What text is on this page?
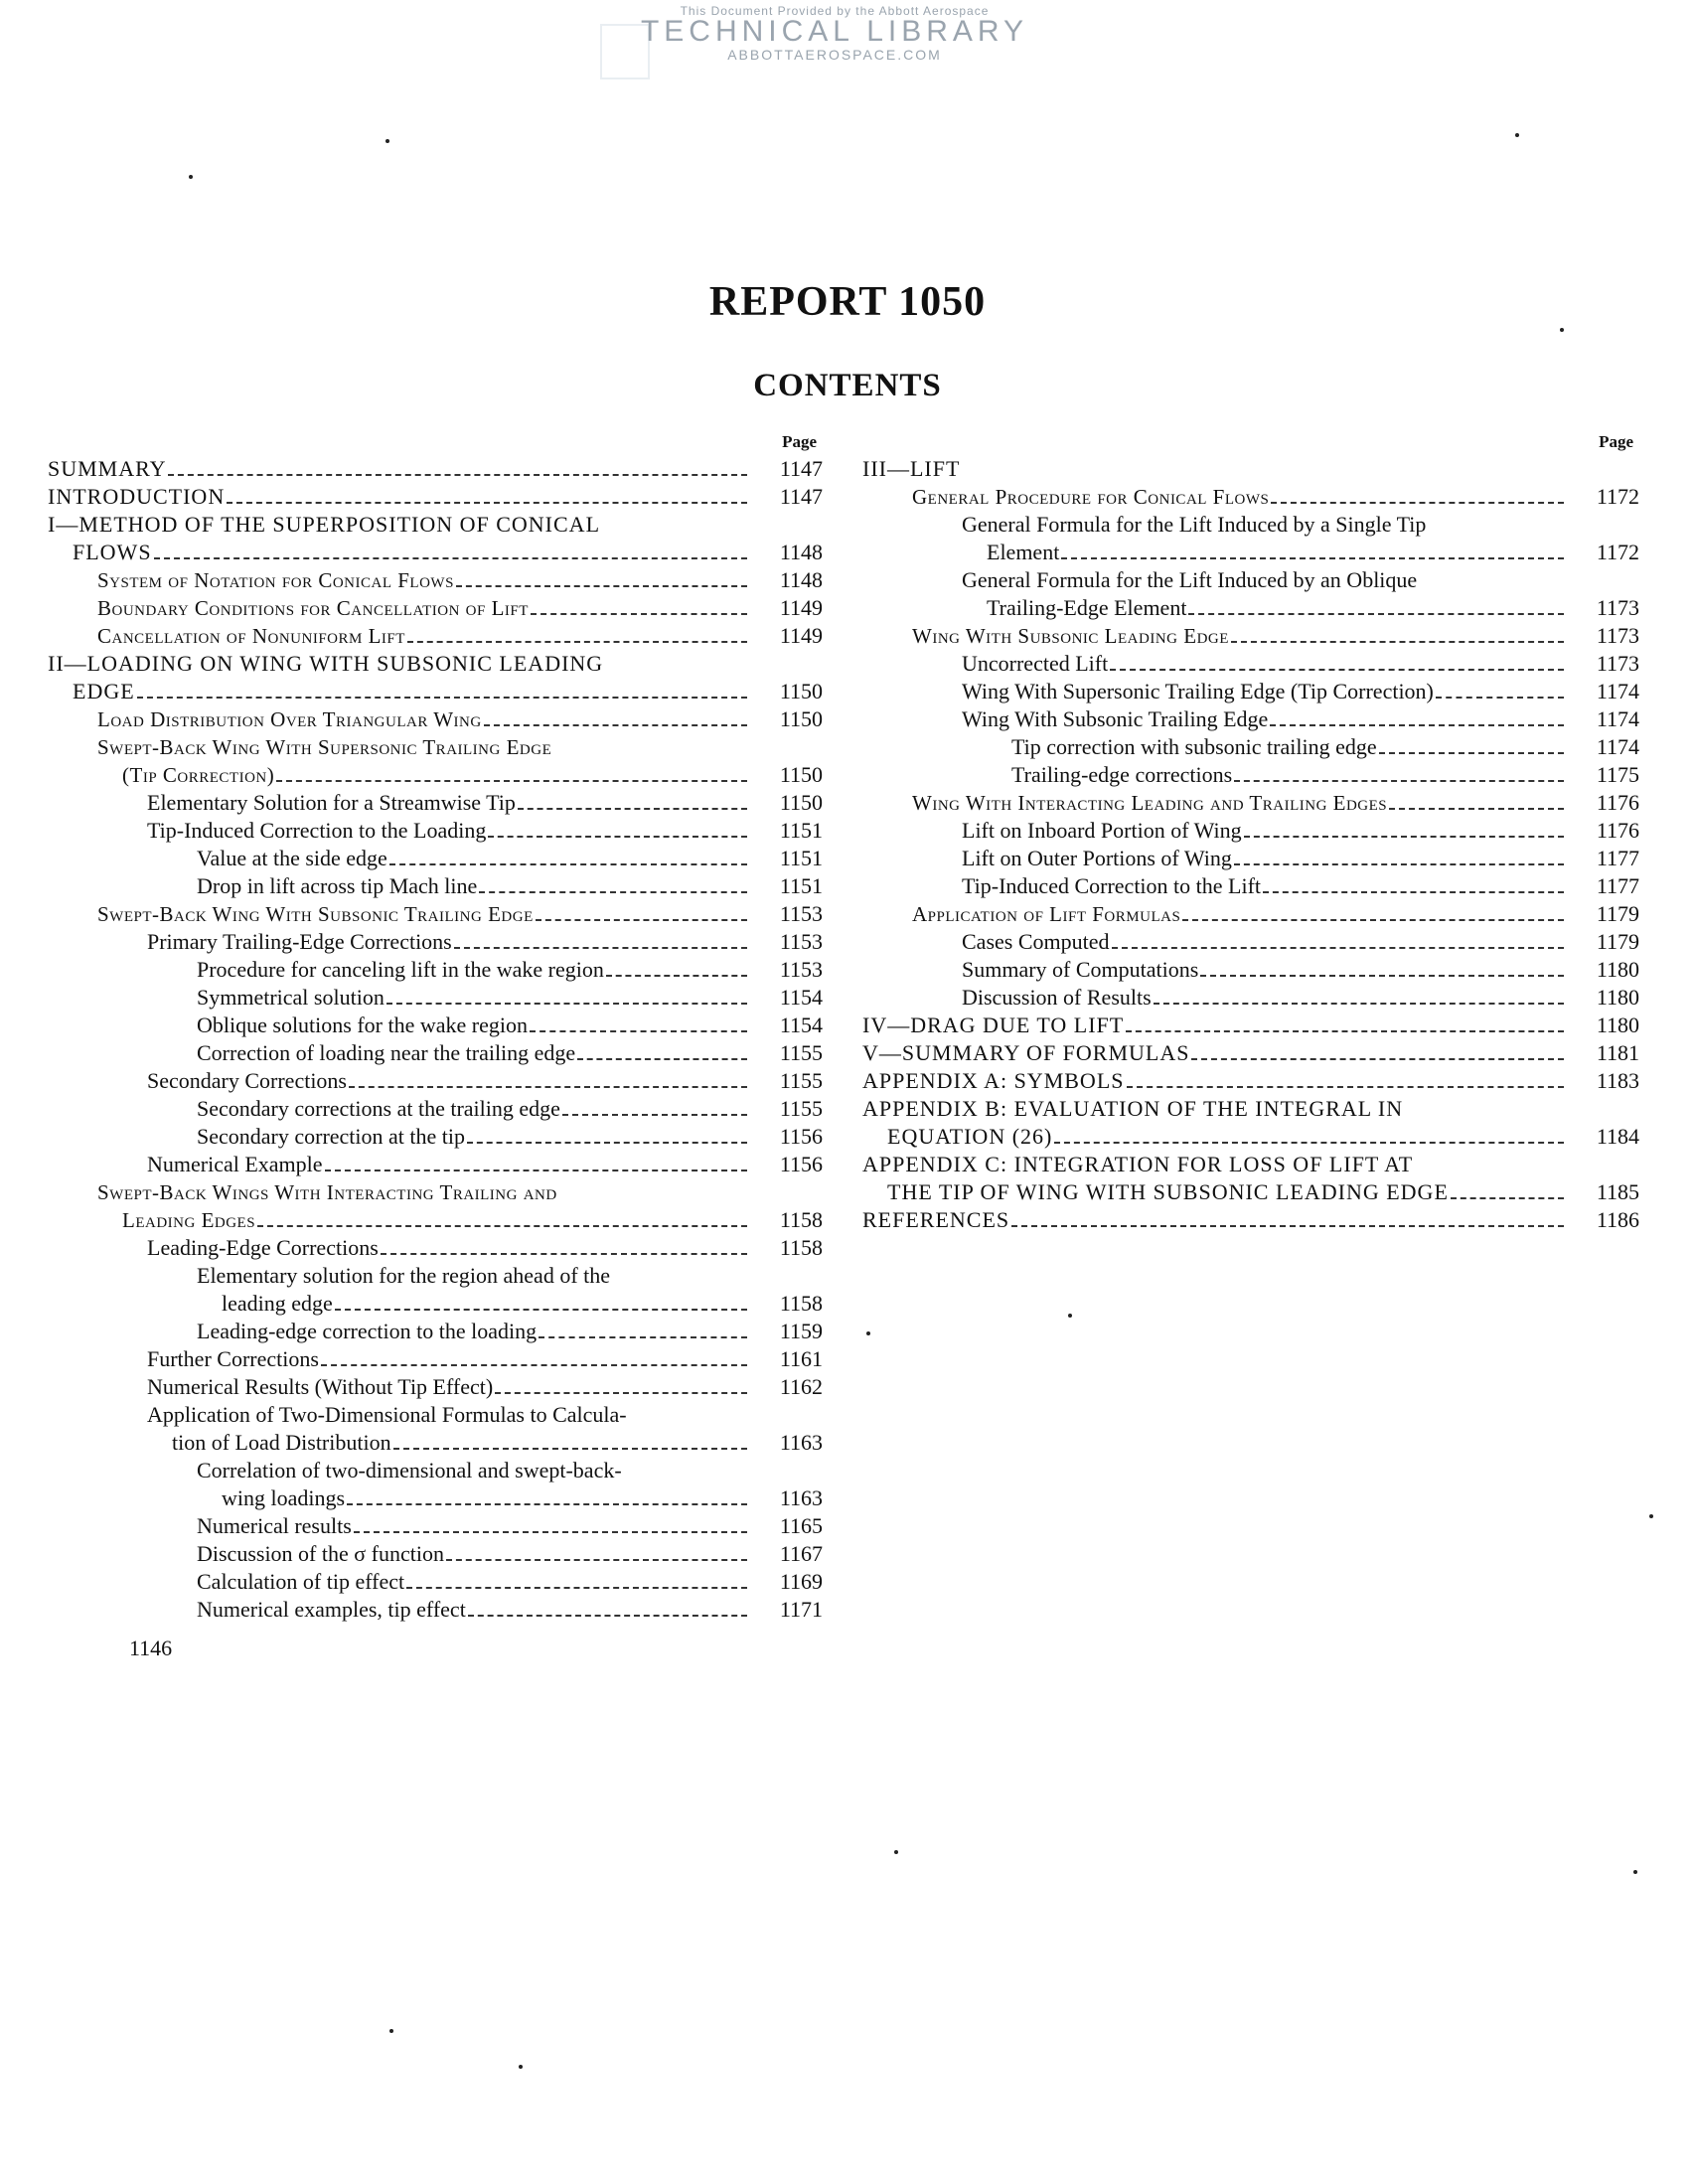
This Document Provided by the Abbott Aerospace
TECHNICAL LIBRARY
ABBOTTAEROSPACE.COM
REPORT 1050
CONTENTS
Page
SUMMARY	1147
INTRODUCTION	1147
I—METHOD OF THE SUPERPOSITION OF CONICAL
FLOWS	1148
System of Notation for Conical Flows	1148
Boundary Conditions for Cancellation of Lift	1149
Cancellation of Nonuniform Lift	1149
II—LOADING ON WING WITH SUBSONIC LEADING
EDGE	1150
Load Distribution Over Triangular Wing	1150
Swept-Back Wing With Supersonic Trailing Edge
(Tip Correction)	1150
Elementary Solution for a Streamwise Tip	1150
Tip-Induced Correction to the Loading	1151
Value at the side edge	1151
Drop in lift across tip Mach line	1151
Swept-Back Wing With Subsonic Trailing Edge	1153
Primary Trailing-Edge Corrections	1153
Procedure for canceling lift in the wake region	1153
Symmetrical solution	1154
Oblique solutions for the wake region	1154
Correction of loading near the trailing edge	1155
Secondary Corrections	1155
Secondary corrections at the trailing edge	1155
Secondary correction at the tip	1156
Numerical Example	1156
Swept-Back Wings With Interacting Trailing and
Leading Edges	1158
Leading-Edge Corrections	1158
Elementary solution for the region ahead of the
leading edge	1158
Leading-edge correction to the loading	1159
Further Corrections	1161
Numerical Results (Without Tip Effect)	1162
Application of Two-Dimensional Formulas to Calcula-
tion of Load Distribution	1163
Correlation of two-dimensional and swept-back-
wing loadings	1163
Numerical results	1165
Discussion of the σ function	1167
Calculation of tip effect	1169
Numerical examples, tip effect	1171
Page
III—LIFT
General Procedure for Conical Flows	1172
General Formula for the Lift Induced by a Single Tip
Element	1172
General Formula for the Lift Induced by an Oblique
Trailing-Edge Element	1173
Wing With Subsonic Leading Edge	1173
Uncorrected Lift	1173
Wing With Supersonic Trailing Edge (Tip Correction)	1174
Wing With Subsonic Trailing Edge	1174
Tip correction with subsonic trailing edge	1174
Trailing-edge corrections	1175
Wing With Interacting Leading and Trailing Edges	1176
Lift on Inboard Portion of Wing	1176
Lift on Outer Portions of Wing	1177
Tip-Induced Correction to the Lift	1177
Application of Lift Formulas	1179
Cases Computed	1179
Summary of Computations	1180
Discussion of Results	1180
IV—DRAG DUE TO LIFT	1180
V—SUMMARY OF FORMULAS	1181
APPENDIX A: SYMBOLS	1183
APPENDIX B: EVALUATION OF THE INTEGRAL IN
EQUATION (26)	1184
APPENDIX C: INTEGRATION FOR LOSS OF LIFT AT
THE TIP OF WING WITH SUBSONIC LEADING EDGE	1185
REFERENCES	1186
1146
